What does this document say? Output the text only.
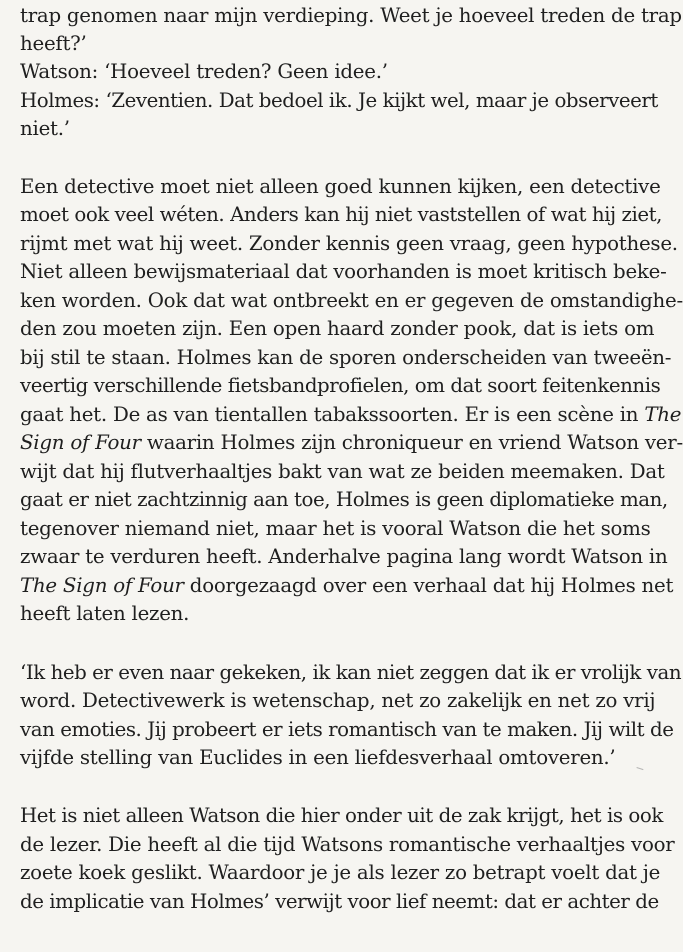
trap genomen naar mijn verdieping. Weet je hoeveel treden de trap
heeft?’
Watson: ‘Hoeveel treden? Geen idee.’
Holmes: ‘Zeventien. Dat bedoel ik. Je kijkt wel, maar je observeert
niet.’
Een detective moet niet alleen goed kunnen kijken, een detective
moet ook veel wéten. Anders kan hij niet vaststellen of wat hij ziet,
rijmt met wat hij weet. Zonder kennis geen vraag, geen hypothese.
Niet alleen bewijsmateriaal dat voorhanden is moet kritisch beke-
ken worden. Ook dat wat ontbreekt en er gegeven de omstandighe-
den zou moeten zijn. Een open haard zonder pook, dat is iets om
bij stil te staan. Holmes kan de sporen onderscheiden van tweeën-
veertig verschillende fietsbandprofielen, om dat soort feitenkennis
gaat het. De as van tientallen tabakssoorten. Er is een scène in The
Sign of Four waarin Holmes zijn chroniqueur en vriend Watson ver-
wijt dat hij flutverhaaltjes bakt van wat ze beiden meemaken. Dat
gaat er niet zachtzinnig aan toe, Holmes is geen diplomatieke man,
tegenover niemand niet, maar het is vooral Watson die het soms
zwaar te verduren heeft. Anderhalve pagina lang wordt Watson in
The Sign of Four doorgezaagd over een verhaal dat hij Holmes net
heeft laten lezen.
‘Ik heb er even naar gekeken, ik kan niet zeggen dat ik er vrolijk van
word. Detectivewerk is wetenschap, net zo zakelijk en net zo vrij
van emoties. Jij probeert er iets romantisch van te maken. Jij wilt de
vijfde stelling van Euclides in een liefdesverhaal omtoveren.’
Het is niet alleen Watson die hier onder uit de zak krijgt, het is ook
de lezer. Die heeft al die tijd Watsons romantische verhaaltjes voor
zoete koek geslikt. Waardoor je je als lezer zo betrapt voelt dat je
de implicatie van Holmes’ verwijt voor lief neemt: dat er achter de
